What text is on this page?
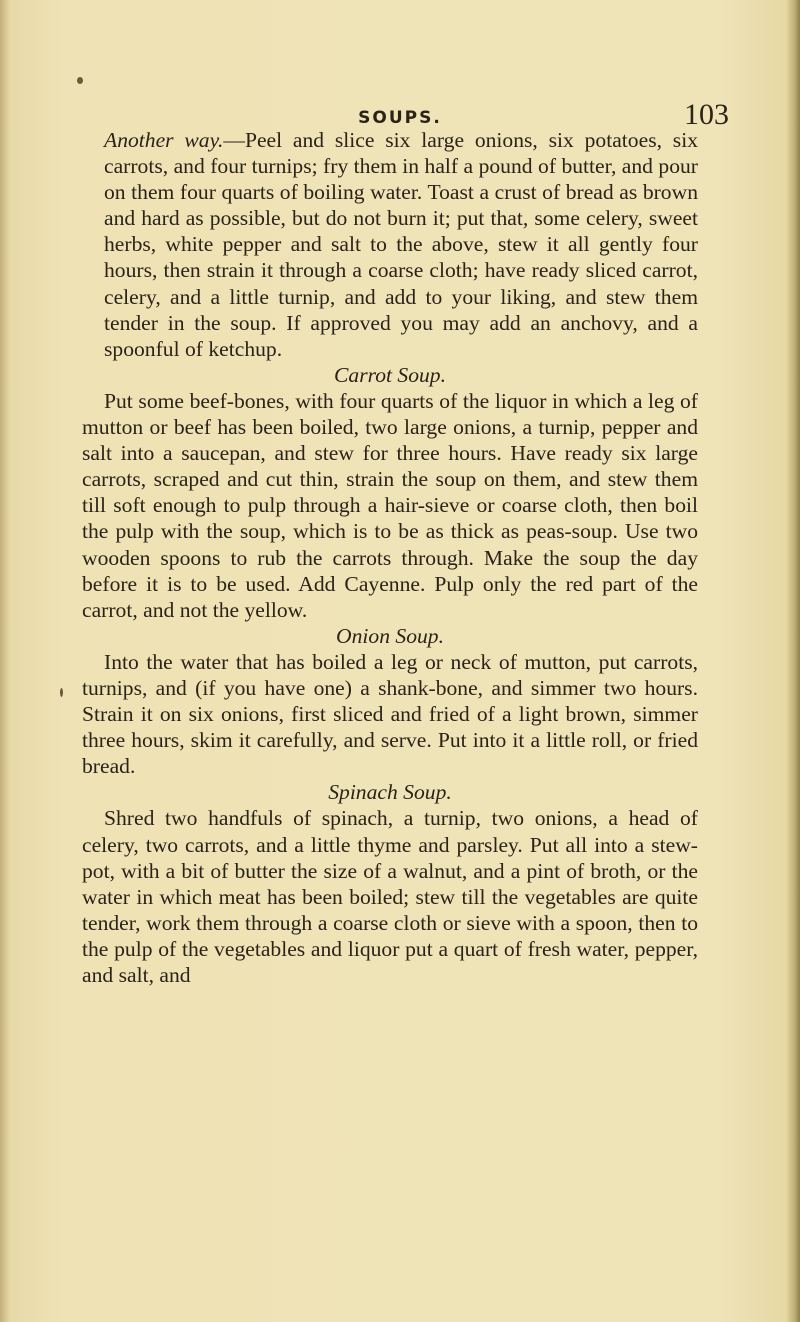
SOUPS.	103

Another way.—Peel and slice six large onions, six potatoes, six carrots, and four turnips; fry them in half a pound of butter, and pour on them four quarts of boiling water. Toast a crust of bread as brown and hard as possible, but do not burn it; put that, some celery, sweet herbs, white pepper and salt to the above, stew it all gently four hours, then strain it through a coarse cloth; have ready sliced carrot, celery, and a little turnip, and add to your liking, and stew them tender in the soup. If approved you may add an anchovy, and a spoonful of ketchup.

Carrot Soup.

Put some beef-bones, with four quarts of the liquor in which a leg of mutton or beef has been boiled, two large onions, a turnip, pepper and salt into a saucepan, and stew for three hours. Have ready six large carrots, scraped and cut thin, strain the soup on them, and stew them till soft enough to pulp through a hair-sieve or coarse cloth, then boil the pulp with the soup, which is to be as thick as peas-soup. Use two wooden spoons to rub the carrots through. Make the soup the day before it is to be used. Add Cayenne. Pulp only the red part of the carrot, and not the yellow.

Onion Soup.

Into the water that has boiled a leg or neck of mutton, put carrots, turnips, and (if you have one) a shank-bone, and simmer two hours. Strain it on six onions, first sliced and fried of a light brown, simmer three hours, skim it carefully, and serve. Put into it a little roll, or fried bread.

Spinach Soup.

Shred two handfuls of spinach, a turnip, two onions, a head of celery, two carrots, and a little thyme and parsley. Put all into a stew-pot, with a bit of butter the size of a walnut, and a pint of broth, or the water in which meat has been boiled; stew till the vegetables are quite tender, work them through a coarse cloth or sieve with a spoon, then to the pulp of the vegetables and liquor put a quart of fresh water, pepper, and salt, and
